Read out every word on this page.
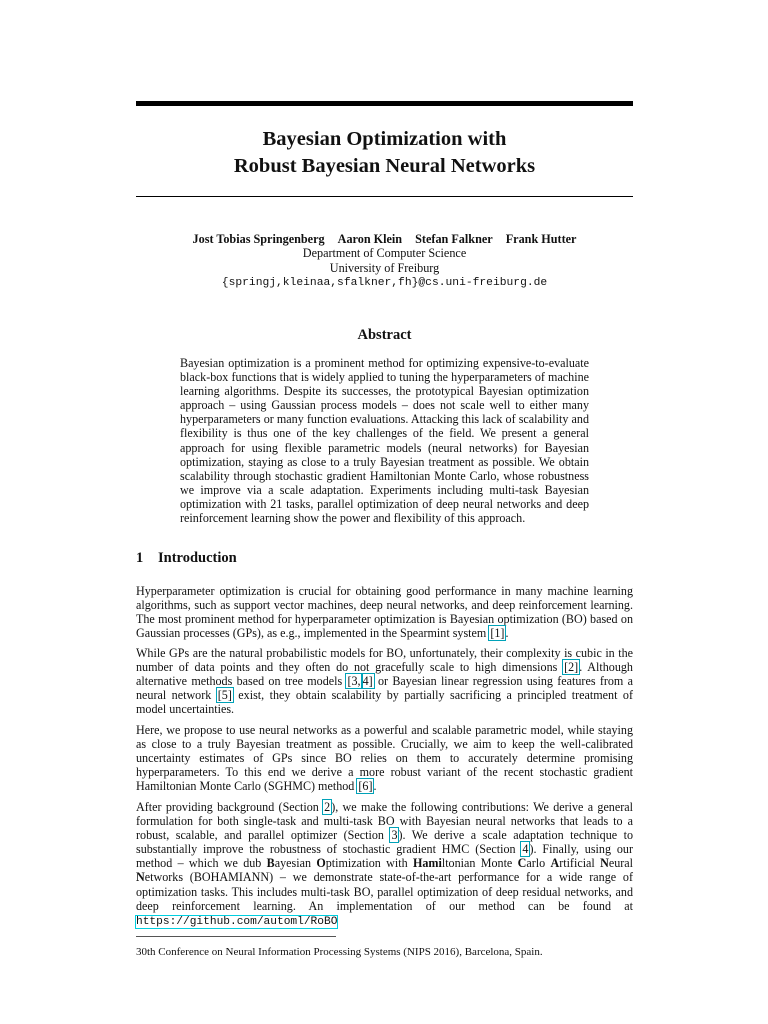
Bayesian Optimization with
Robust Bayesian Neural Networks
Jost Tobias Springenberg Aaron Klein Stefan Falkner Frank Hutter
Department of Computer Science
University of Freiburg
{springj,kleinaa,sfalkner,fh}@cs.uni-freiburg.de
Abstract

Bayesian optimization is a prominent method for optimizing expensive-to-evaluate black-box functions that is widely applied to tuning the hyperparameters of machine learning algorithms. Despite its successes, the prototypical Bayesian optimization approach – using Gaussian process models – does not scale well to either many hyperparameters or many function evaluations. Attacking this lack of scalability and flexibility is thus one of the key challenges of the field. We present a general approach for using flexible parametric models (neural networks) for Bayesian optimization, staying as close to a truly Bayesian treatment as possible. We obtain scalability through stochastic gradient Hamiltonian Monte Carlo, whose robustness we improve via a scale adaptation. Experiments including multi-task Bayesian optimization with 21 tasks, parallel optimization of deep neural networks and deep reinforcement learning show the power and flexibility of this approach.

1 Introduction

Hyperparameter optimization is crucial for obtaining good performance in many machine learning algorithms, such as support vector machines, deep neural networks, and deep reinforcement learning. The most prominent method for hyperparameter optimization is Bayesian optimization (BO) based on Gaussian processes (GPs), as e.g., implemented in the Spearmint system [1].

While GPs are the natural probabilistic models for BO, unfortunately, their complexity is cubic in the number of data points and they often do not gracefully scale to high dimensions [2]. Although alternative methods based on tree models [3, 4] or Bayesian linear regression using features from a neural network [5] exist, they obtain scalability by partially sacrificing a principled treatment of model uncertainties.

Here, we propose to use neural networks as a powerful and scalable parametric model, while staying as close to a truly Bayesian treatment as possible. Crucially, we aim to keep the well-calibrated uncertainty estimates of GPs since BO relies on them to accurately determine promising hyperparameters. To this end we derive a more robust variant of the recent stochastic gradient Hamiltonian Monte Carlo (SGHMC) method [6].

After providing background (Section 2), we make the following contributions: We derive a general formulation for both single-task and multi-task BO with Bayesian neural networks that leads to a robust, scalable, and parallel optimizer (Section 3). We derive a scale adaptation technique to substantially improve the robustness of stochastic gradient HMC (Section 4). Finally, using our method – which we dub Bayesian Optimization with Hamiltonian Monte Carlo Artificial Neural Networks (BOHAMIANN) – we demonstrate state-of-the-art performance for a wide range of optimization tasks. This includes multi-task BO, parallel optimization of deep residual networks, and deep reinforcement learning. An implementation of our method can be found at https://github.com/automl/RoBO

30th Conference on Neural Information Processing Systems (NIPS 2016), Barcelona, Spain.
